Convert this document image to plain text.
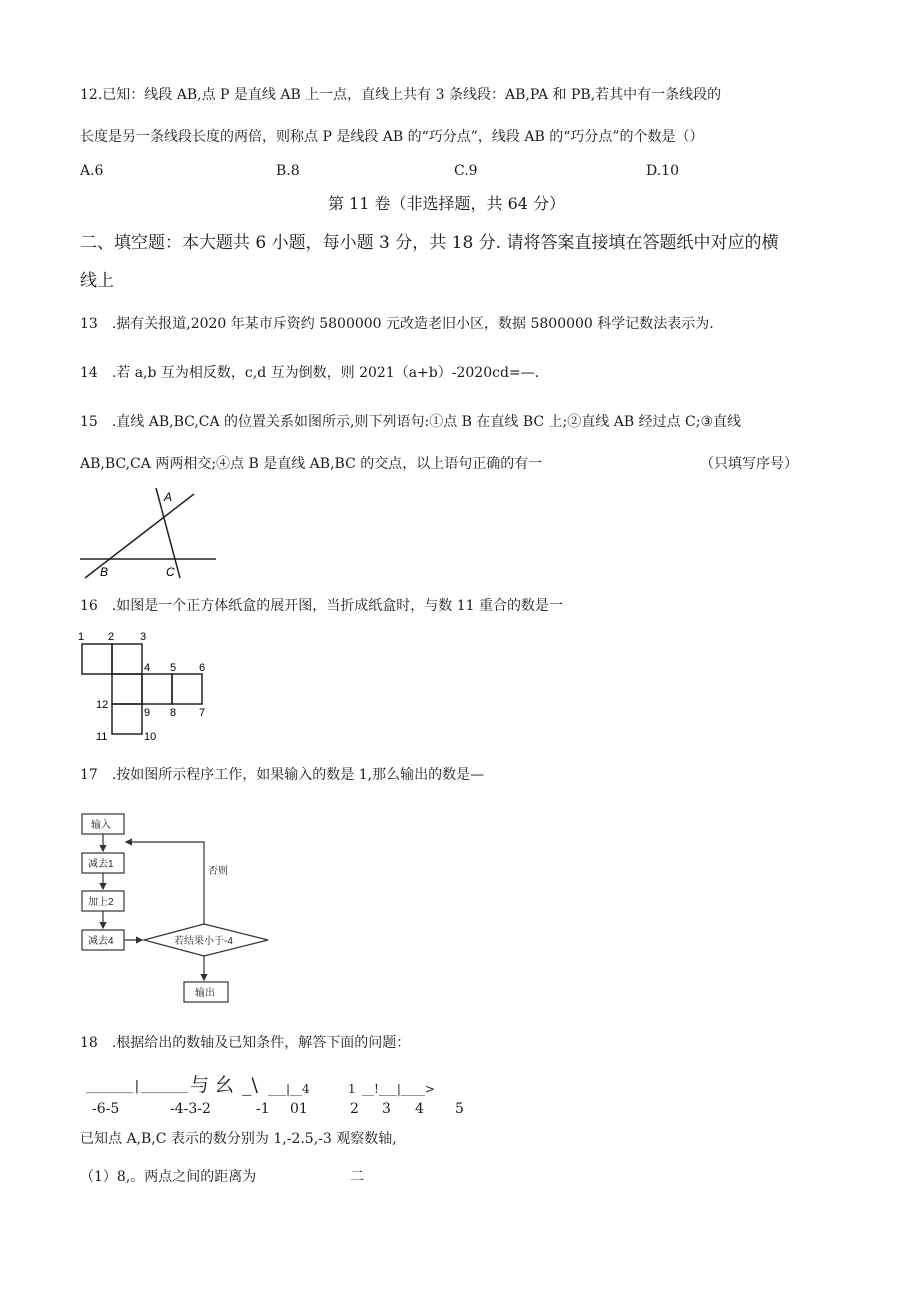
12.已知：线段 AB,点 P 是直线 AB 上一点，直线上共有 3 条线段：AB,PA 和 PB,若其中有一条线段的
长度是另一条线段长度的两倍，则称点 P 是线段 AB 的“巧分点”，线段 AB 的“巧分点”的个数是（）
A.6	B.8	C.9	D.10
第 11 卷（非选择题，共 64 分）
二、填空题：本大题共 6 小题，每小题 3 分，共 18 分. 请将答案直接填在答题纸中对应的横
线上
13　.据有关报道,2020 年某市斥资约 5800000 元改造老旧小区，数据 5800000 科学记数法表示为.
14　.若 a,b 互为相反数，c,d 互为倒数，则 2021（a+b）-2020cd=—.
15　.直线 AB,BC,CA 的位置关系如图所示,则下列语句:①点 B 在直线 BC 上;②直线 AB 经过点 C;③直线
AB,BC,CA 两两相交;④点 B 是直线 AB,BC 的交点，以上语句正确的有一	（只填写序号）
A
B	C
16　.如图是一个正方体纸盒的展开图，当折成纸盒时，与数 11 重合的数是一
1 2 3
4 5 6
7
8
9
10
11
12
17　.按如图所示程序工作，如果输入的数是 1,那么输出的数是—
输入
减去1
加上2
减去4	若结果小于-4
否则
输出
18　.根据给出的数轴及已知条件，解答下面的问题：
______|______ 与 幺 _\ ___|__4	1 __!___|____>
-6-5	-4-3-2	-1 01	2 3 4 5
已知点 A,B,C 表示的数分别为 1,-2.5,-3 观察数轴,
（1）8,。两点之间的距离为	二
